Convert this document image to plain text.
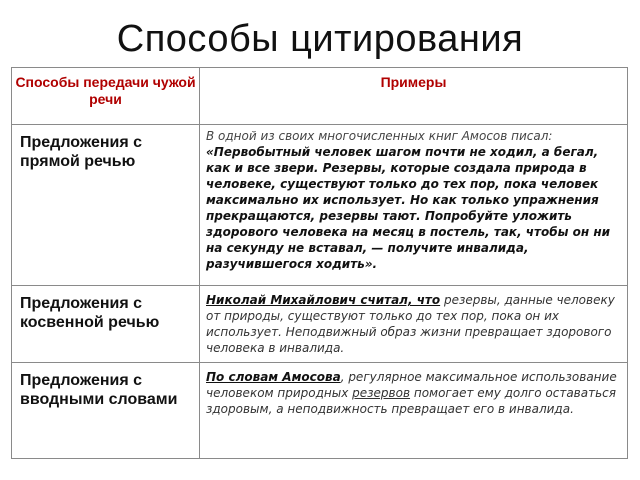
Способы цитирования
Способы передачи чужой речи	Примеры
Предложения с прямой речью	В одной из своих многочисленных книг Амосов писал: «Первобытный человек шагом почти не ходил, а бегал, как и все звери. Резервы, которые создала природа в человеке, существуют только до тех пор, пока человек максимально их использует. Но как только упражнения прекращаются, резервы тают. Попробуйте уложить здорового человека на месяц в постель, так, чтобы он ни на секунду не вставал, — получите инвалида, разучившегося ходить».
Предложения с косвенной речью	Николай Михайлович считал, что резервы, данные человеку от природы, существуют только до тех пор, пока он их использует. Неподвижный образ жизни превращает здорового человека в инвалида.
Предложения с вводными словами	По словам Амосова, регулярное максимальное использование человеком природных резервов помогает ему долго оставаться здоровым, а неподвижность превращает его в инвалида.
